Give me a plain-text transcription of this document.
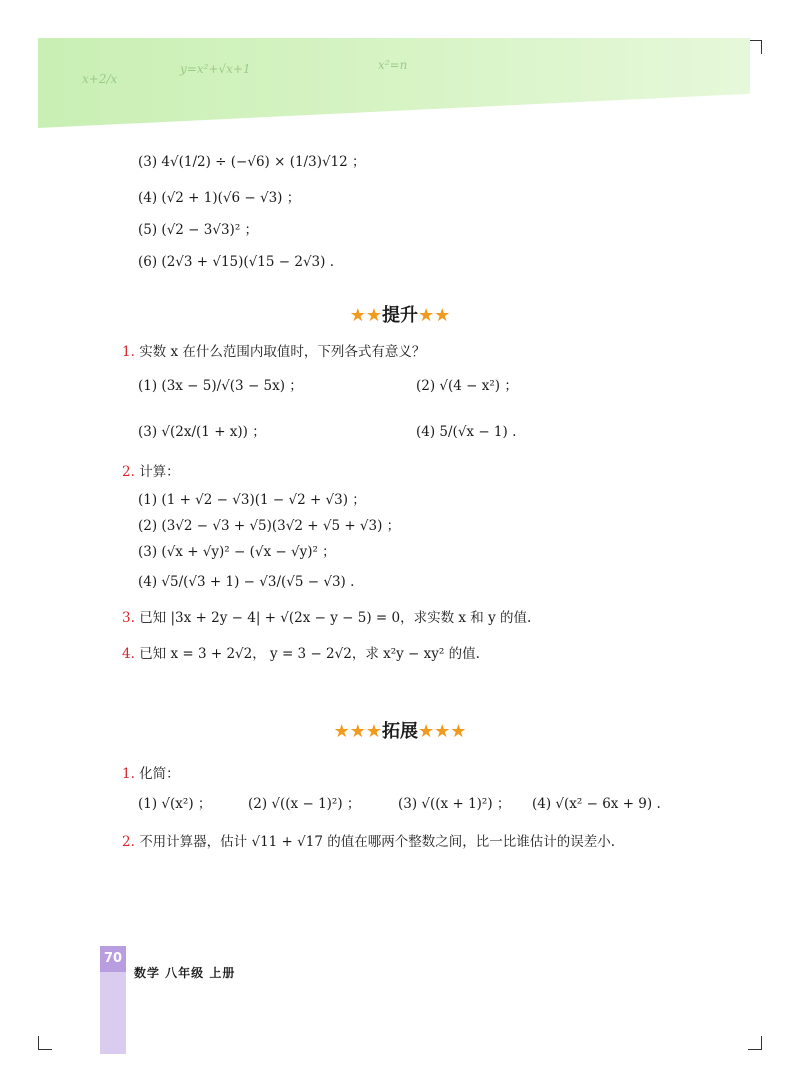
x+2/x
y=x²+√x+1	x²=n
(3) 4√(1/2) ÷ (−√6) × (1/3)√12 ；
(4) (√2 + 1)(√6 − √3) ；
(5) (√2 − 3√3)² ；
(6) (2√3 + √15)(√15 − 2√3) .
★★提升★★
1. 实数 x 在什么范围内取值时，下列各式有意义？
(1) (3x − 5)/√(3 − 5x) ；	(2) √(4 − x²) ；
(3) √(2x/(1 + x)) ；	(4) 5/(√x − 1) .
2. 计算：
(1) (1 + √2 − √3)(1 − √2 + √3) ；
(2) (3√2 − √3 + √5)(3√2 + √5 + √3) ；
(3) (√x + √y)² − (√x − √y)² ；
(4) √5/(√3 + 1) − √3/(√5 − √3) .
3. 已知 |3x + 2y − 4| + √(2x − y − 5) = 0，求实数 x 和 y 的值.
4. 已知 x = 3 + 2√2， y = 3 − 2√2，求 x²y − xy² 的值.
★★★拓展★★★
1. 化简：
(1) √(x²) ；	(2) √((x − 1)²) ；	(3) √((x + 1)²) ； (4) √(x² − 6x + 9) .
2. 不用计算器，估计 √11 + √17 的值在哪两个整数之间，比一比谁估计的误差小.
70
数学 八年级 上册
